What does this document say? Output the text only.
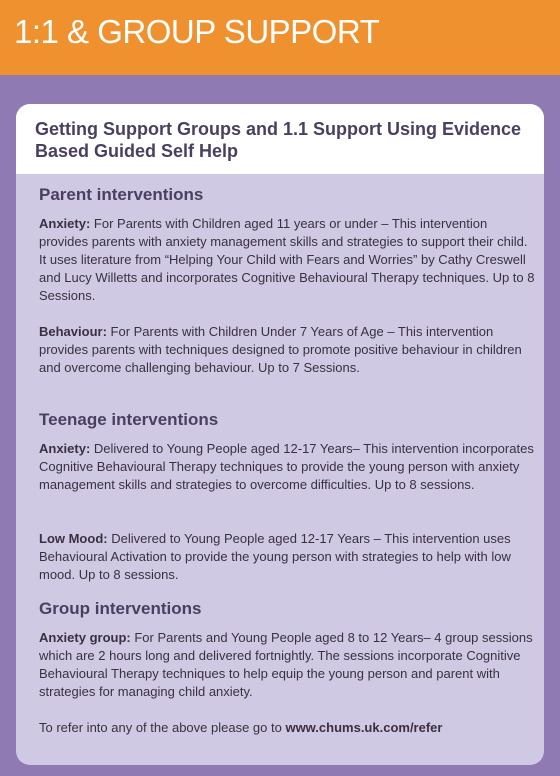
1:1 & GROUP SUPPORT
Getting Support Groups and 1.1 Support Using Evidence Based Guided Self Help
Parent interventions
Anxiety: For Parents with Children aged 11 years or under – This intervention provides parents with anxiety management skills and strategies to support their child. It uses literature from “Helping Your Child with Fears and Worries” by Cathy Creswell and Lucy Willetts and incorporates Cognitive Behavioural Therapy techniques. Up to 8 Sessions.
Behaviour: For Parents with Children Under 7 Years of Age – This intervention provides parents with techniques designed to promote positive behaviour in children and overcome challenging behaviour. Up to 7 Sessions.
Teenage interventions
Anxiety: Delivered to Young People aged 12-17 Years– This intervention incorporates Cognitive Behavioural Therapy techniques to provide the young person with anxiety management skills and strategies to overcome difficulties. Up to 8 sessions.
Low Mood: Delivered to Young People aged 12-17 Years – This intervention uses Behavioural Activation to provide the young person with strategies to help with low mood. Up to 8 sessions.
Group interventions
Anxiety group: For Parents and Young People aged 8 to 12 Years– 4 group sessions which are 2 hours long and delivered fortnightly. The sessions incorporate Cognitive Behavioural Therapy techniques to help equip the young person and parent with strategies for managing child anxiety.
To refer into any of the above please go to www.chums.uk.com/refer
